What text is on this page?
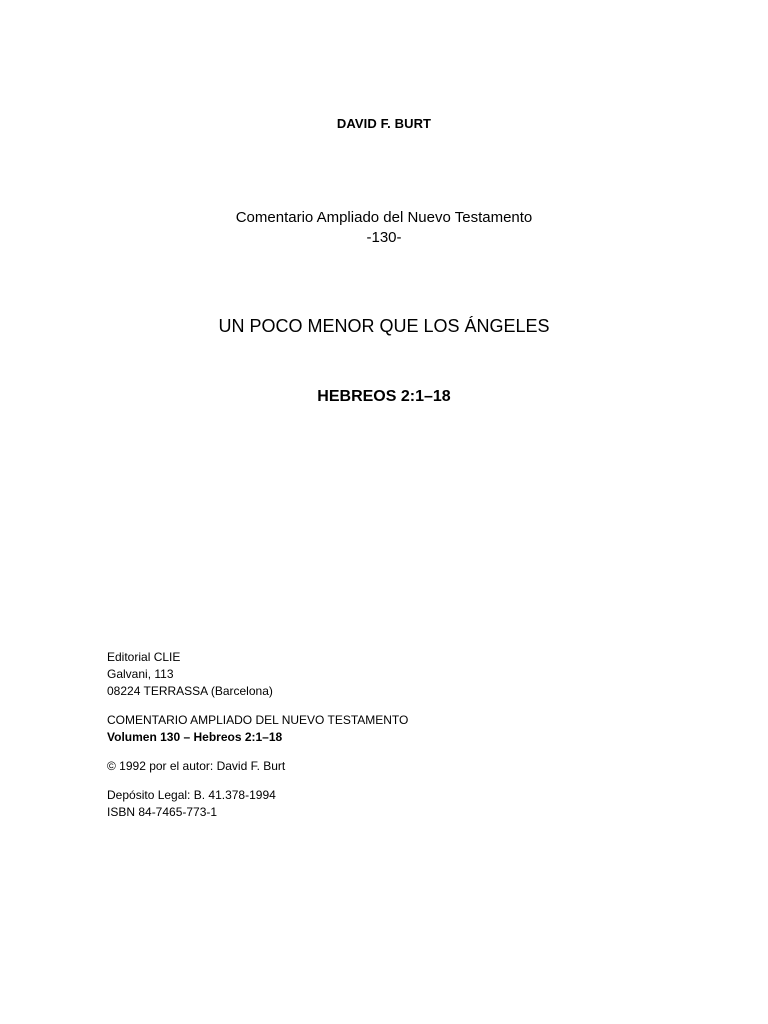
DAVID F. BURT

Comentario Ampliado del Nuevo Testamento
-130-

UN POCO MENOR QUE LOS ÁNGELES
HEBREOS 2:1–18
Editorial CLIE
Galvani, 113
08224 TERRASSA (Barcelona)
COMENTARIO AMPLIADO DEL NUEVO TESTAMENTO
Volumen 130 – Hebreos 2:1–18
© 1992 por el autor: David F. Burt
Depósito Legal: B. 41.378-1994
ISBN 84-7465-773-1
